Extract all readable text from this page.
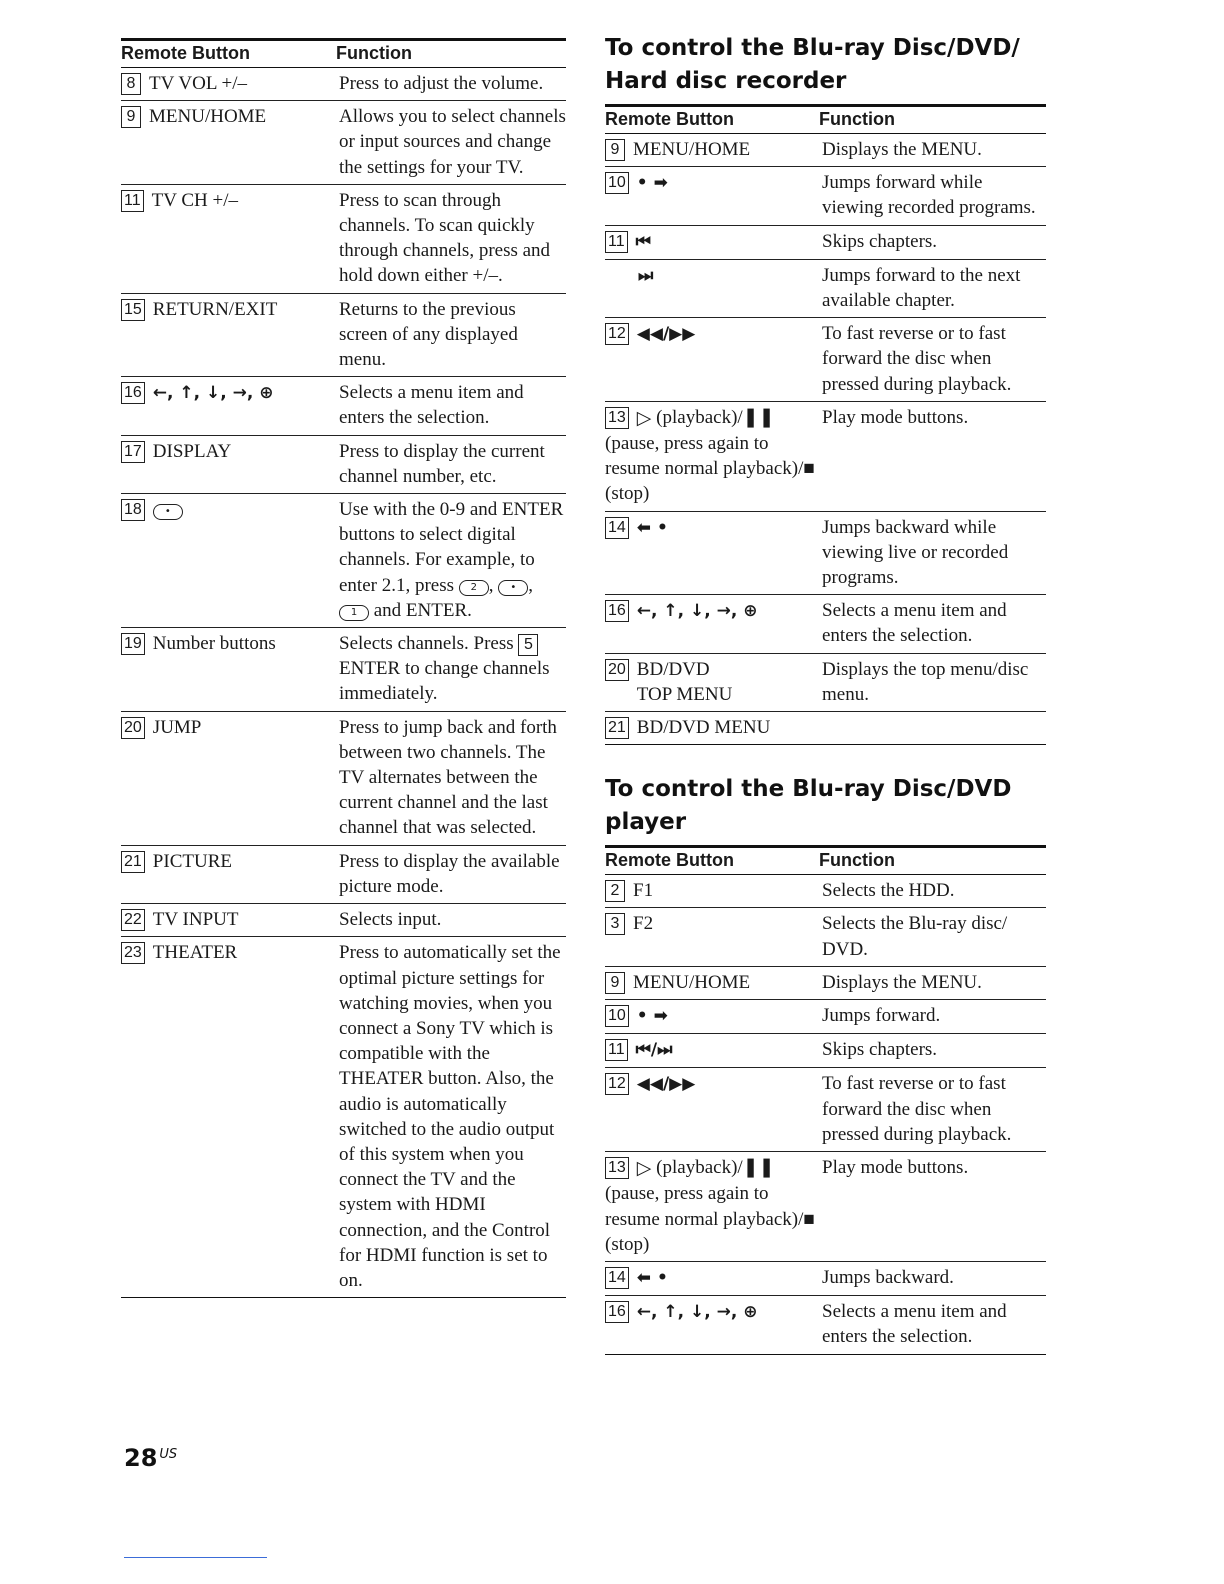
Remote Button	Function
8 TV VOL +/–	Press to adjust the volume.
9 MENU/HOME	Allows you to select channels or input sources and change the settings for your TV.
11 TV CH +/–	Press to scan through channels. To scan quickly through channels, press and hold down either +/–.
15 RETURN/EXIT	Returns to the previous screen of any displayed menu.
16 ←, ↑, ↓, →, ⊕	Selects a menu item and enters the selection.
17 DISPLAY	Press to display the current channel number, etc.
18 •	Use with the 0-9 and ENTER buttons to select digital channels. For example, to enter 2.1, press 2 , • , 1 and ENTER.
19 Number buttons	Selects channels. Press 5 ENTER to change channels immediately.
20 JUMP	Press to jump back and forth between two channels. The TV alternates between the current channel and the last channel that was selected.
21 PICTURE	Press to display the available picture mode.
22 TV INPUT	Selects input.
23 THEATER	Press to automatically set the optimal picture settings for watching movies, when you connect a Sony TV which is compatible with the THEATER button. Also, the audio is automatically switched to the audio output of this system when you connect the TV and the system with HDMI connection, and the Control for HDMI function is set to on.
To control the Blu-ray Disc/DVD/ Hard disc recorder
Remote Button	Function
9 MENU/HOME	Displays the MENU.
10 • ➡	Jumps forward while viewing recorded programs.
11 ⏮	Skips chapters.
⏭	Jumps forward to the next available chapter.
12 ◀◀/▶▶	To fast reverse or to fast forward the disc when pressed during playback.
13 ▷ (playback)/❚❚ (pause, press again to resume normal playback)/■ (stop)	Play mode buttons.
14 ⬅ •	Jumps backward while viewing live or recorded programs.
16 ←, ↑, ↓, →, ⊕	Selects a menu item and enters the selection.
20 BD/DVD
TOP MENU	Displays the top menu/disc menu.
21 BD/DVD MENU	
To control the Blu-ray Disc/DVD player
Remote Button	Function
2 F1	Selects the HDD.
3 F2	Selects the Blu-ray disc/ DVD.
9 MENU/HOME	Displays the MENU.
10 • ➡	Jumps forward.
11 ⏮/⏭	Skips chapters.
12 ◀◀/▶▶	To fast reverse or to fast forward the disc when pressed during playback.
13 ▷ (playback)/❚❚ (pause, press again to resume normal playback)/■ (stop)	Play mode buttons.
14 ⬅ •	Jumps backward.
16 ←, ↑, ↓, →, ⊕	Selects a menu item and enters the selection.
28 $^{US}$
